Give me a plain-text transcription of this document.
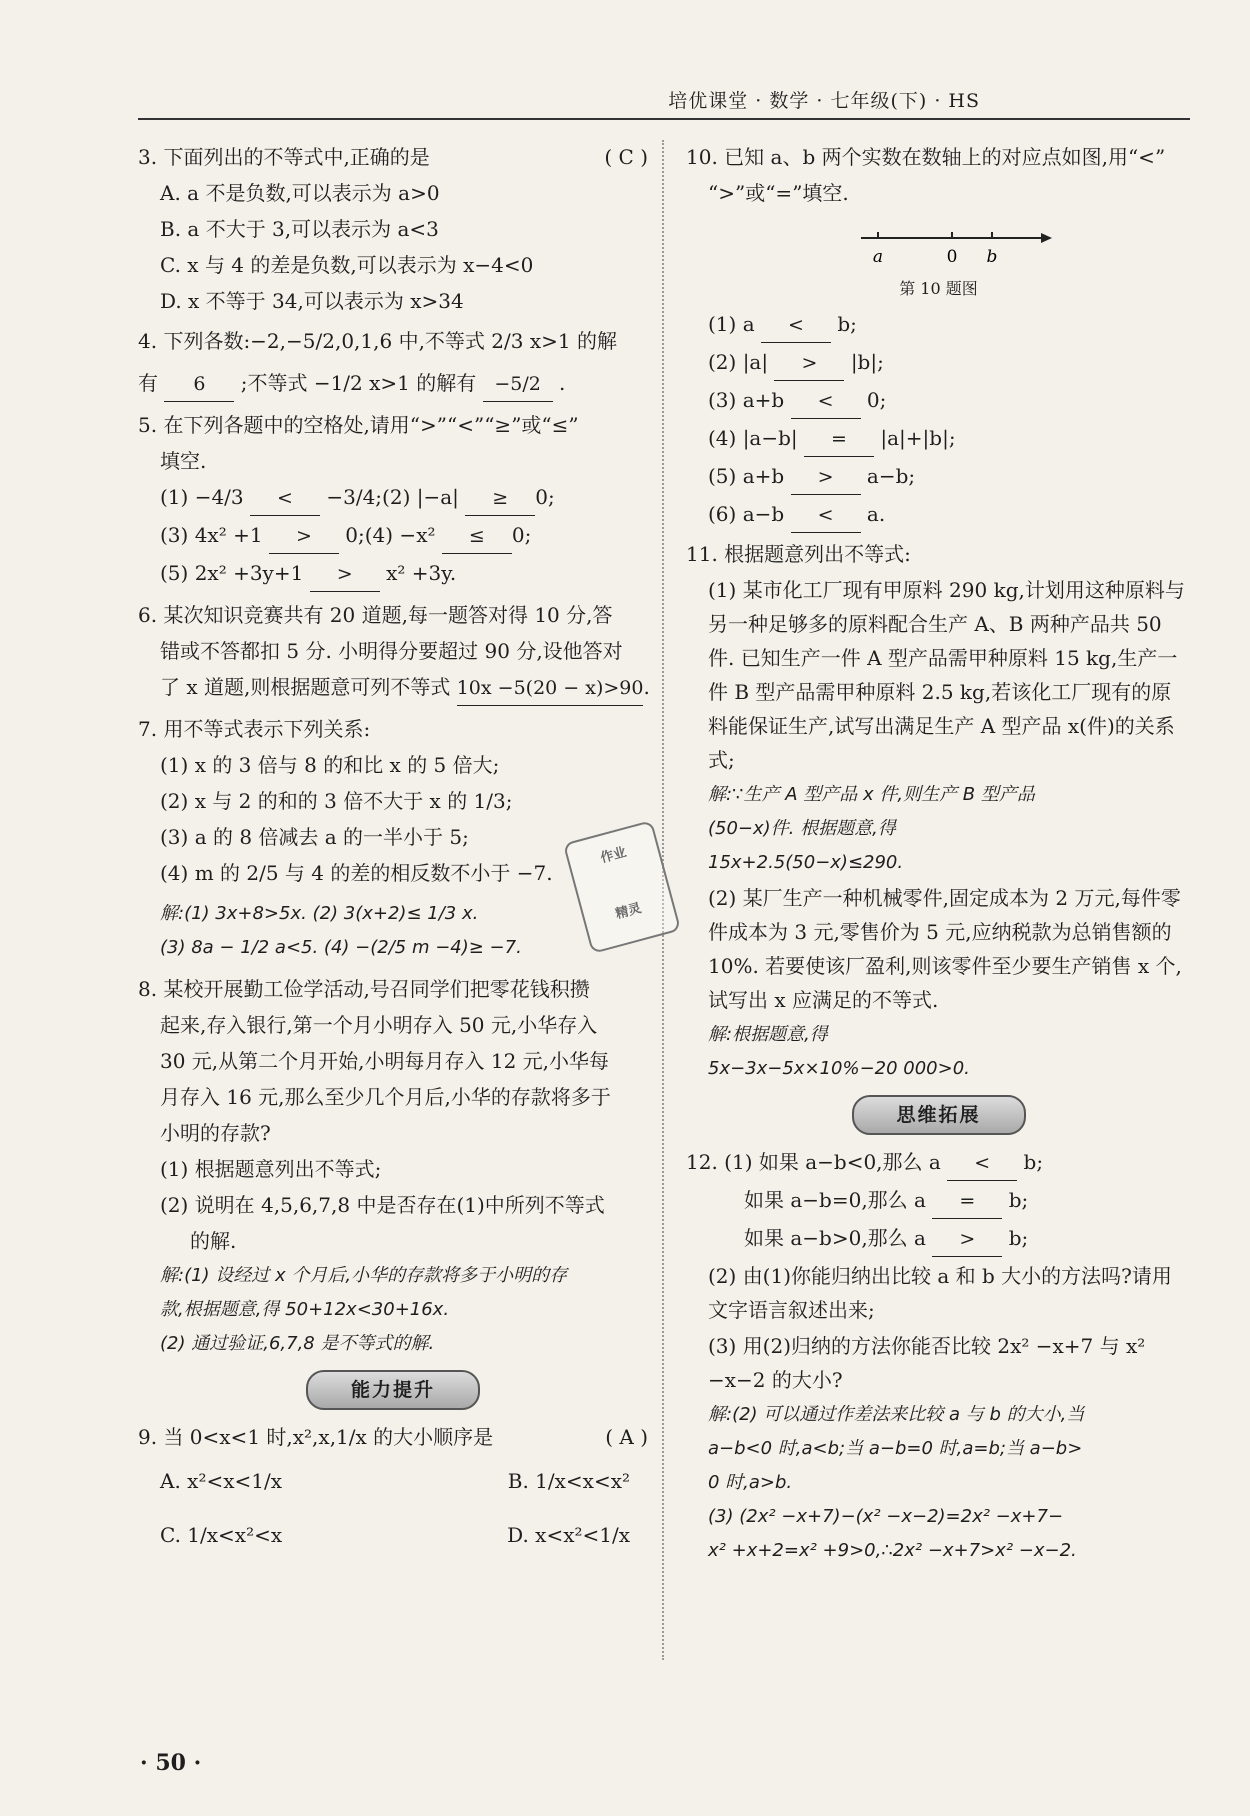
培优课堂 · 数学 · 七年级(下) · HS
3. 下面列出的不等式中,正确的是	( C )
A. a 不是负数,可以表示为 a>0
B. a 不大于 3,可以表示为 a<3
C. x 与 4 的差是负数,可以表示为 x−4<0
D. x 不等于 34,可以表示为 x>34
4. 下列各数:−2,−5/2,0,1,6 中,不等式 2/3 x>1 的解
有 6 ;不等式 −1/2 x>1 的解有 −5/2 .
5. 在下列各题中的空格处,请用“>”“<”“≥”或“≤”
填空.
(1) −4/3 < −3/4;(2) |−a| ≥ 0;
(3) 4x² +1 > 0;(4) −x² ≤ 0;
(5) 2x² +3y+1 > x² +3y.
6. 某次知识竞赛共有 20 道题,每一题答对得 10 分,答
错或不答都扣 5 分. 小明得分要超过 90 分,设他答对
了 x 道题,则根据题意可列不等式 10x −5(20 − x)>90.
7. 用不等式表示下列关系:
(1) x 的 3 倍与 8 的和比 x 的 5 倍大;
(2) x 与 2 的和的 3 倍不大于 x 的 1/3;
(3) a 的 8 倍减去 a 的一半小于 5;
(4) m 的 2/5 与 4 的差的相反数不小于 −7.
解:(1) 3x+8>5x. (2) 3(x+2)≤ 1/3 x.
(3) 8a − 1/2 a<5. (4) −(2/5 m −4)≥ −7.
8. 某校开展勤工俭学活动,号召同学们把零花钱积攒
起来,存入银行,第一个月小明存入 50 元,小华存入
30 元,从第二个月开始,小明每月存入 12 元,小华每
月存入 16 元,那么至少几个月后,小华的存款将多于
小明的存款?
(1) 根据题意列出不等式;
(2) 说明在 4,5,6,7,8 中是否存在(1)中所列不等式
的解.
解:(1) 设经过 x 个月后,小华的存款将多于小明的存
款,根据题意,得 50+12x<30+16x.
(2) 通过验证,6,7,8 是不等式的解.
能力提升
9. 当 0<x<1 时,x²,x,1/x 的大小顺序是	( A )
A. x²<x<1/x	B. 1/x<x<x²
C. 1/x<x²<x	D. x<x²<1/x
作业
精灵
10. 已知 a、b 两个实数在数轴上的对应点如图,用“<”
“>”或“=”填空.
a	0 b
第 10 题图
(1) a < b;
(2) |a| > |b|;
(3) a+b < 0;
(4) |a−b| = |a|+|b|;
(5) a+b > a−b;
(6) a−b < a.
11. 根据题意列出不等式:
(1) 某市化工厂现有甲原料 290 kg,计划用这种原料与另一种足够多的原料配合生产 A、B 两种产品共 50 件. 已知生产一件 A 型产品需甲种原料 15 kg,生产一件 B 型产品需甲种原料 2.5 kg,若该化工厂现有的原料能保证生产,试写出满足生产 A 型产品 x(件)的关系式;
解:∵生产 A 型产品 x 件,则生产 B 型产品
(50−x)件. 根据题意,得
15x+2.5(50−x)≤290.
(2) 某厂生产一种机械零件,固定成本为 2 万元,每件零件成本为 3 元,零售价为 5 元,应纳税款为总销售额的 10%. 若要使该厂盈利,则该零件至少要生产销售 x 个,试写出 x 应满足的不等式.
解:根据题意,得
5x−3x−5x×10%−20 000>0.
思维拓展
12. (1) 如果 a−b<0,那么 a < b;
如果 a−b=0,那么 a = b;
如果 a−b>0,那么 a > b;
(2) 由(1)你能归纳出比较 a 和 b 大小的方法吗?请用文字语言叙述出来;
(3) 用(2)归纳的方法你能否比较 2x² −x+7 与 x² −x−2 的大小?
解:(2) 可以通过作差法来比较 a 与 b 的大小,当
a−b<0 时,a<b;当 a−b=0 时,a=b;当 a−b>
0 时,a>b.
(3) (2x² −x+7)−(x² −x−2)=2x² −x+7−
x² +x+2=x² +9>0,∴2x² −x+7>x² −x−2.
· 50 ·
